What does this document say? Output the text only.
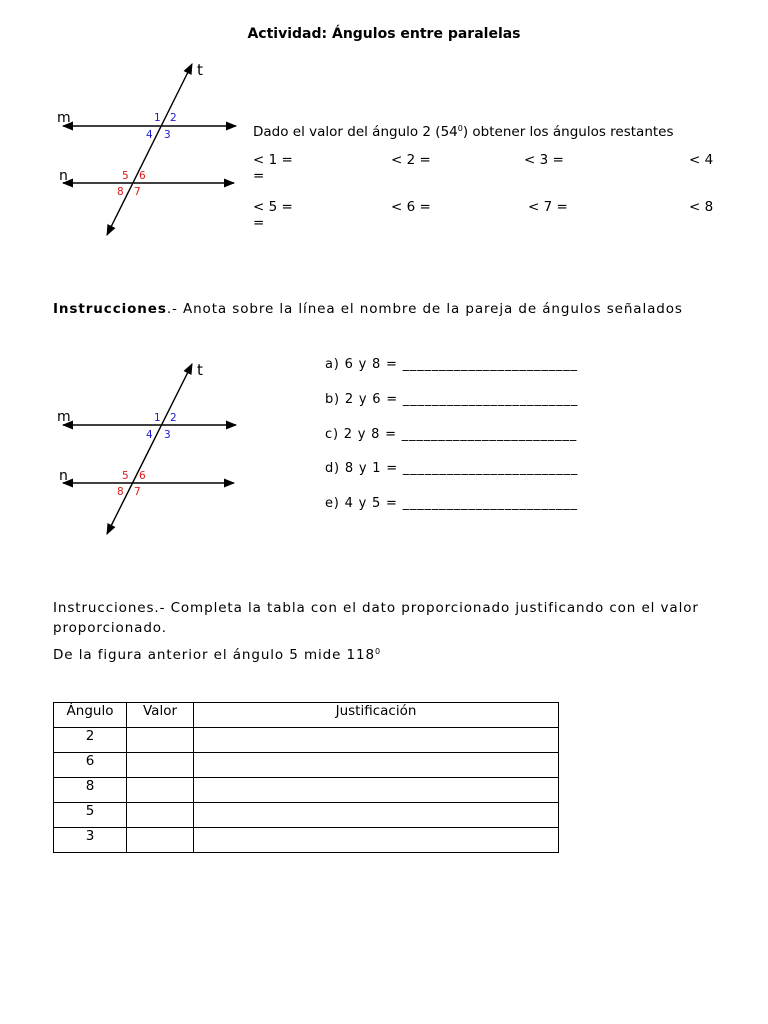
Actividad: Ángulos entre paralelas
m
n
t
1 2
4 3
5 6
8 7
Dado el valor del ángulo 2 $(54^0)$ obtener los ángulos restantes
< 1 =	< 2 =	< 3 =	< 4
=
< 5 =	< 6 =	< 7 =	< 8
=
Instrucciones.- Anota sobre la línea el nombre de la pareja de ángulos señalados
m
n
t
1 2
4 3
5 6
8 7
a) 6 y 8 = ________________________
b) 2 y 6 = ________________________
c) 2 y 8 = ________________________
d) 8 y 1 = ________________________
e) 4 y 5 = ________________________
Instrucciones.- Completa la tabla con el dato proporcionado justificando con el valor
proporcionado.
De la figura anterior el ángulo 5 mide $118^0$
Ángulo	Valor	Justificación
2		
6		
8		
5		
3		
